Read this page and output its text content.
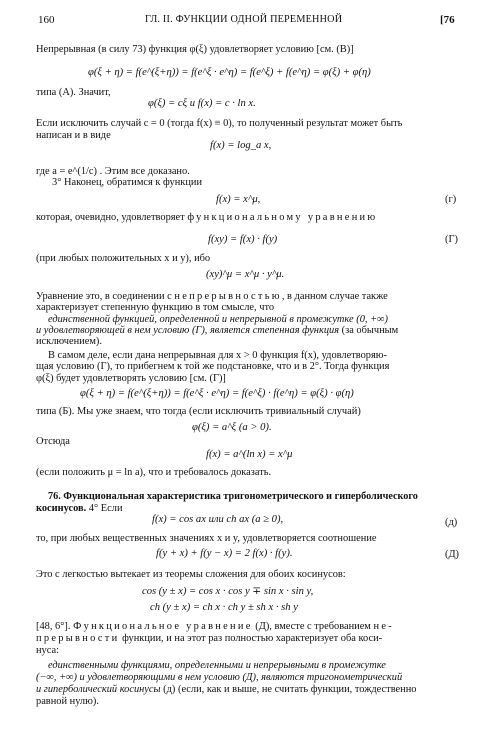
160	ГЛ. II. ФУНКЦИИ ОДНОЙ ПЕРЕМЕННОЙ	[76
Непрерывная (в силу 73) функция φ(ξ) удовлетворяет условию [см. (В)]
φ(ξ + η) = f(e^(ξ+η)) = f(e^ξ · e^η) = f(e^ξ) + f(e^η) = φ(ξ) + φ(η)
типа (А). Значит,
φ(ξ) = cξ и f(x) = c · ln x.
Если исключить случай c = 0 (тогда f(x) ≡ 0), то полученный результат может быть
написан и в виде
f(x) = log_a x,
где a = e^(1/c) . Этим все доказано.
3° Наконец, обратимся к функции
f(x) = x^μ,	(г)
которая, очевидно, удовлетворяет функциональному уравнению
f(xy) = f(x) · f(y)	(Г)
(при любых положительных x и y), ибо
(xy)^μ = x^μ · y^μ.
Уравнение это, в соединении с непрерывностью, в данном случае также
характеризует степенную функцию в том смысле, что
единственной функцией, определенной и непрерывной в промежутке (0, +∞)
и удовлетворяющей в нем условию (Г), является степенная функция (за обычным
исключением).
В самом деле, если дана непрерывная для x > 0 функция f(x), удовлетворяю-
щая условию (Г), то прибегнем к той же подстановке, что и в 2°. Тогда функция
φ(ξ) будет удовлетворять условию [см. (Г)]
φ(ξ + η) = f(e^(ξ+η)) = f(e^ξ · e^η) = f(e^ξ) · f(e^η) = φ(ξ) · φ(η)
типа (Б). Мы уже знаем, что тогда (если исключить тривиальный случай)
φ(ξ) = a^ξ (a > 0).
Отсюда
f(x) = a^(ln x) = x^μ
(если положить μ = ln a), что и требовалось доказать.
76. Функциональная характеристика тригонометрического и гиперболического
косинусов. 4° Если
f(x) = cos ax или ch ax (a ≥ 0),	(д)
то, при любых вещественных значениях x и y, удовлетворяется соотношение
f(y + x) + f(y − x) = 2 f(x) · f(y).	(Д)
Это с легкостью вытекает из теоремы сложения для обоих косинусов:
cos (y ± x) = cos x · cos y ∓ sin x · sin y,
ch (y ± x) = ch x · ch y ± sh x · sh y
[48, 6°]. Функциональное уравнение (Д), вместе с требованием не-
прерывности функции, и на этот раз полностью характеризует оба коси-
нуса:
единственными функциями, определенными и непрерывными в промежутке
(−∞, +∞) и удовлетворяющими в нем условию (Д), являются тригонометрический
и гиперболический косинусы (д) (если, как и выше, не считать функции, тождественно
равной нулю).
